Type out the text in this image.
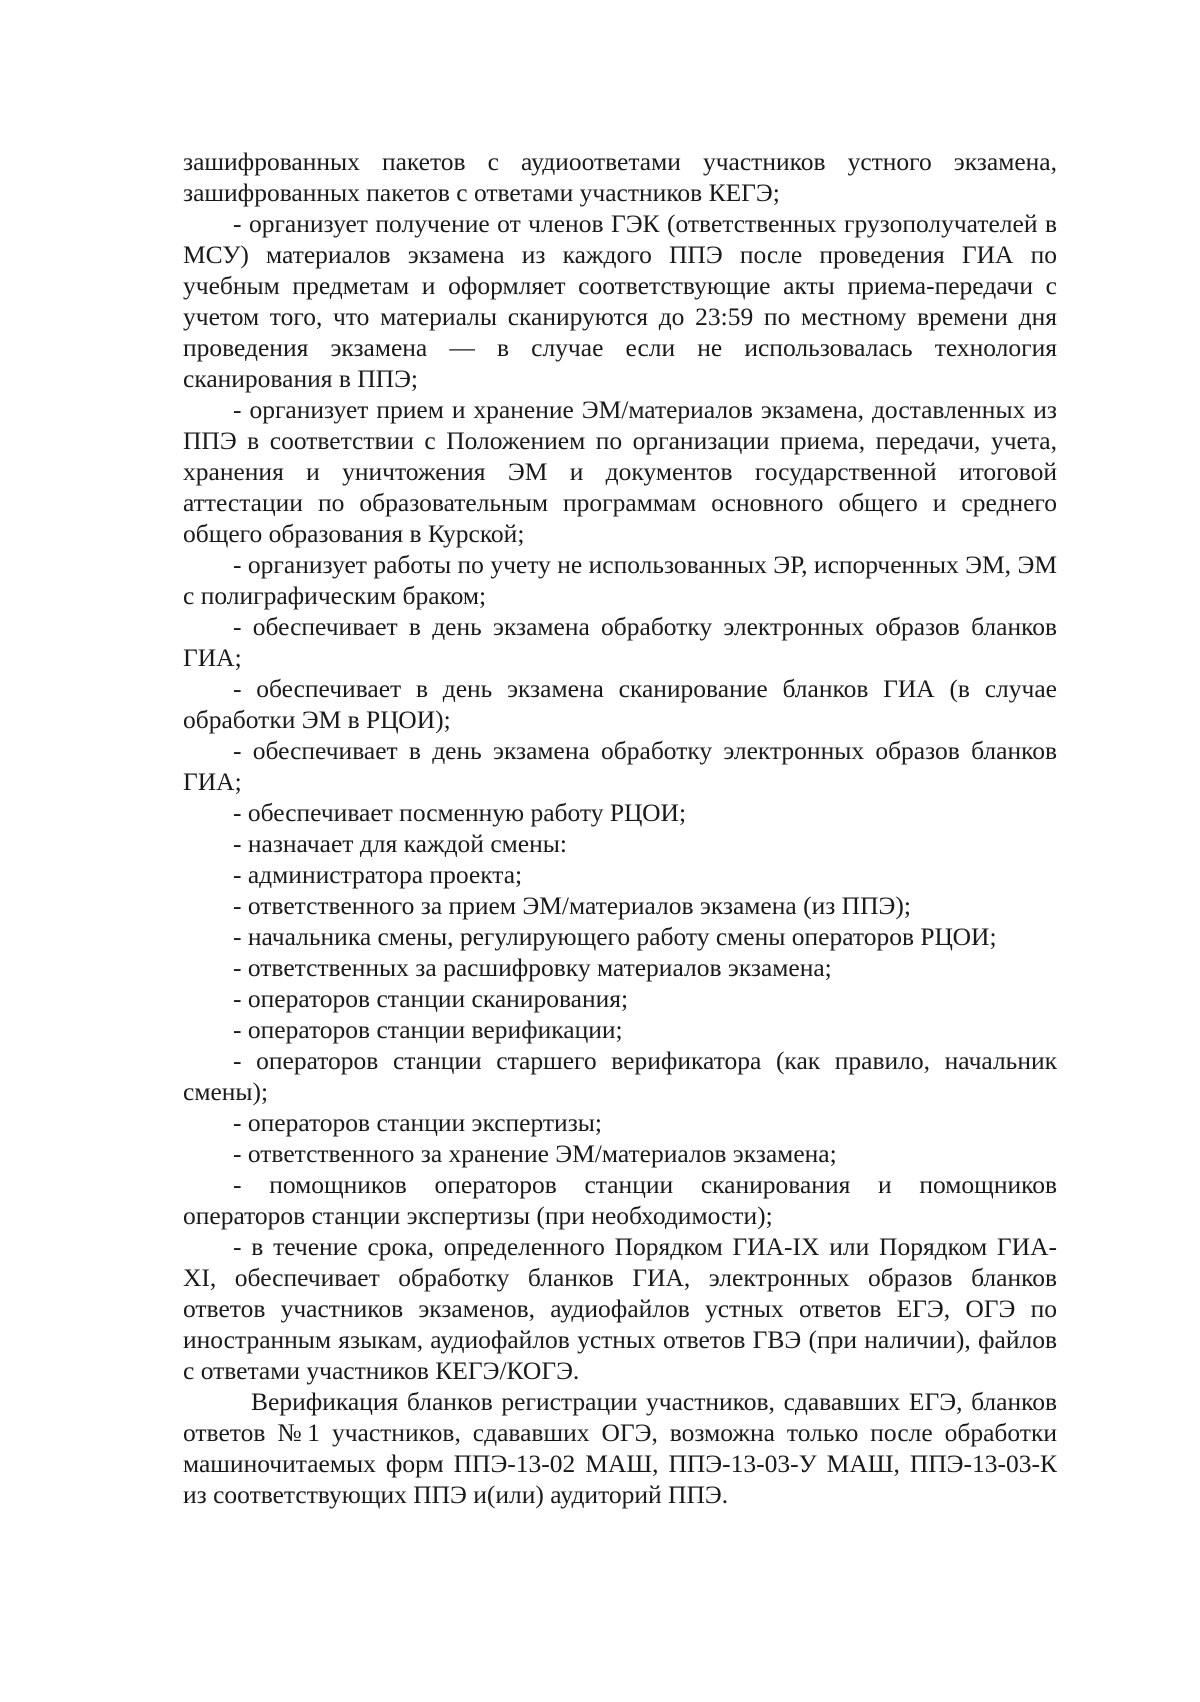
зашифрованных пакетов с аудиоответами участников устного экзамена, зашифрованных пакетов с ответами участников КЕГЭ;

- организует получение от членов ГЭК (ответственных грузополучателей в МСУ) материалов экзамена из каждого ППЭ после проведения ГИА по учебным предметам и оформляет соответствующие акты приема-передачи с учетом того, что материалы сканируются до 23:59 по местному времени дня проведения экзамена — в случае если не использовалась технология сканирования в ППЭ;

- организует прием и хранение ЭМ/материалов экзамена, доставленных из ППЭ в соответствии с Положением по организации приема, передачи, учета, хранения и уничтожения ЭМ и документов государственной итоговой аттестации по образовательным программам основного общего и среднего общего образования в Курской;

- организует работы по учету не использованных ЭР, испорченных ЭМ, ЭМ с полиграфическим браком;

- обеспечивает в день экзамена обработку электронных образов бланков ГИА;

- обеспечивает в день экзамена сканирование бланков ГИА (в случае обработки ЭМ в РЦОИ);

- обеспечивает в день экзамена обработку электронных образов бланков ГИА;

- обеспечивает посменную работу РЦОИ;

- назначает для каждой смены:

- администратора проекта;

- ответственного за прием ЭМ/материалов экзамена (из ППЭ);

- начальника смены, регулирующего работу смены операторов РЦОИ;

- ответственных за расшифровку материалов экзамена;

- операторов станции сканирования;

- операторов станции верификации;

- операторов станции старшего верификатора (как правило, начальник смены);

- операторов станции экспертизы;

- ответственного за хранение ЭМ/материалов экзамена;

- помощников операторов станции сканирования и помощников операторов станции экспертизы (при необходимости);

- в течение срока, определенного Порядком ГИА-IX или Порядком ГИА-XI, обеспечивает обработку бланков ГИА, электронных образов бланков ответов участников экзаменов, аудиофайлов устных ответов ЕГЭ, ОГЭ по иностранным языкам, аудиофайлов устных ответов ГВЭ (при наличии), файлов с ответами участников КЕГЭ/КОГЭ.

Верификация бланков регистрации участников, сдававших ЕГЭ, бланков ответов №1 участников, сдававших ОГЭ, возможна только после обработки машиночитаемых форм ППЭ-13-02 МАШ, ППЭ-13-03-У МАШ, ППЭ-13-03-К из соответствующих ППЭ и(или) аудиторий ППЭ.
